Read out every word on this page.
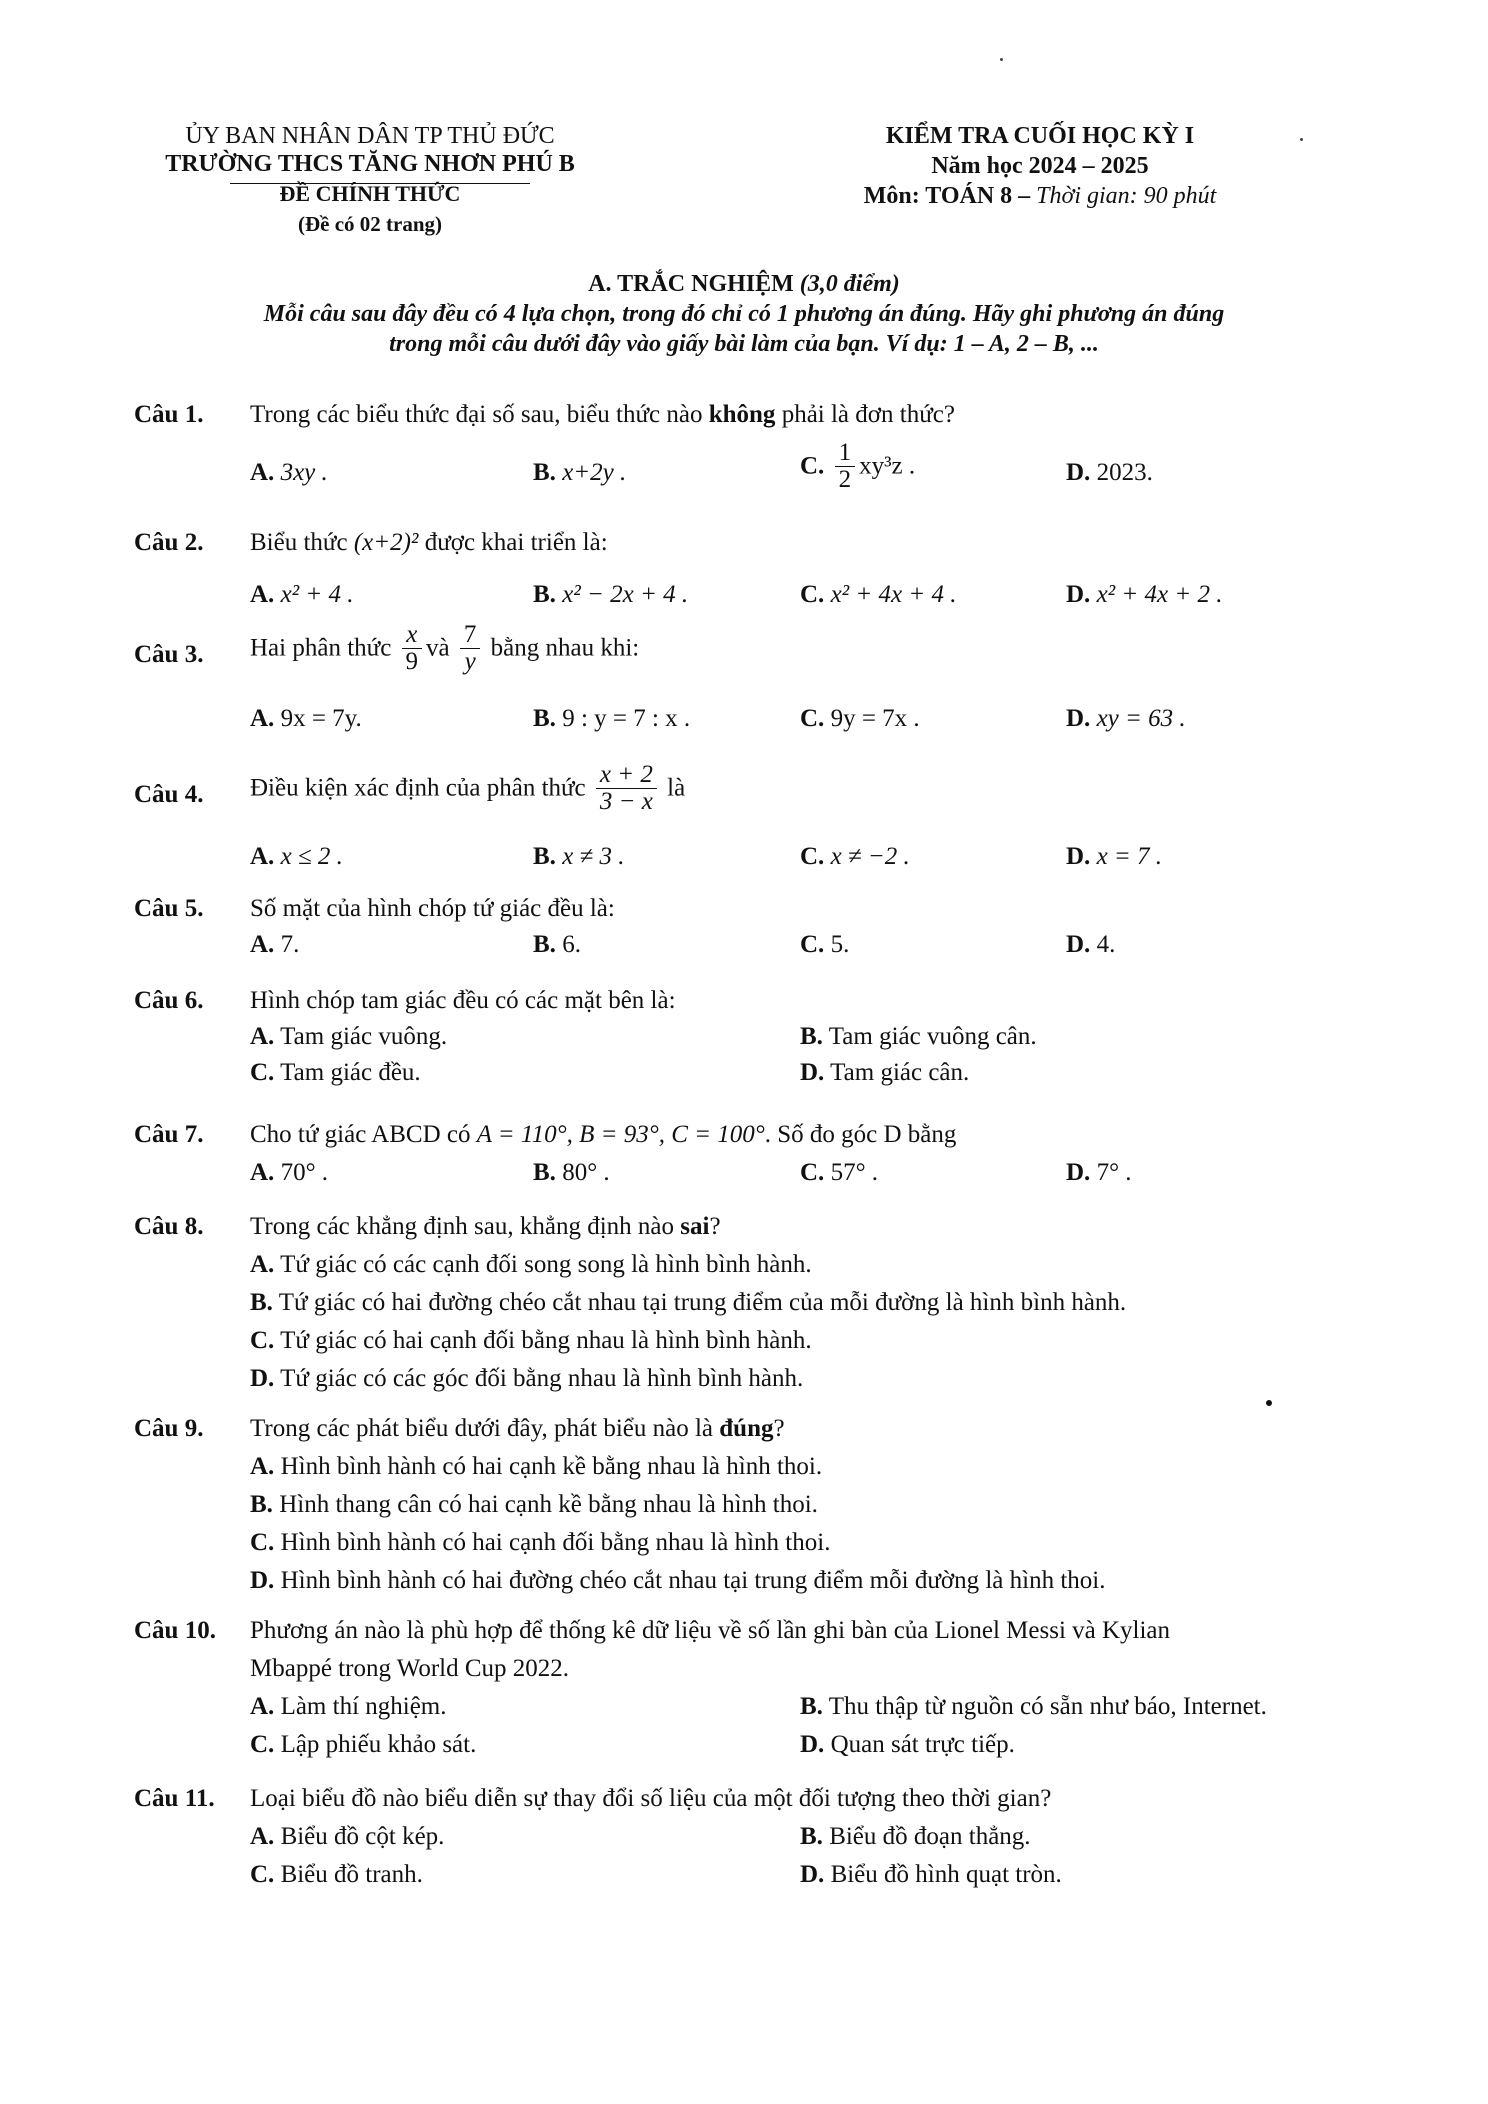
ỦY BAN NHÂN DÂN TP THỦ ĐỨC
TRƯỜNG THCS TĂNG NHƠN PHÚ B
ĐỀ CHÍNH THỨC
(Đề có 02 trang)
KIỂM TRA CUỐI HỌC KỲ I
Năm học 2024 – 2025
Môn: TOÁN 8 – Thời gian: 90 phút
A. TRẮC NGHIỆM (3,0 điểm)
Mỗi câu sau đây đều có 4 lựa chọn, trong đó chỉ có 1 phương án đúng. Hãy ghi phương án đúng
trong mỗi câu dưới đây vào giấy bài làm của bạn. Ví dụ: 1 – A, 2 – B, ...
Câu 1. Trong các biểu thức đại số sau, biểu thức nào không phải là đơn thức?
A. 3xy .	B. x+2y .	C. $\frac{1}{2} xy^3z$ .	D. 2023.
Câu 2. Biểu thức (x+2)² được khai triển là:
A. x² + 4 .	B. x² − 2x + 4 .	C. x² + 4x + 4 .	D. x² + 4x + 2 .
Câu 3. Hai phân thức $\frac{x}{9}$ và $\frac{7}{y}$ bằng nhau khi:
A. 9x = 7y.	B. 9 : y = 7 : x .	C. 9y = 7x .	D. xy = 63 .
Câu 4. Điều kiện xác định của phân thức $\frac{x + 2}{3 - x}$ là
A. x ≤ 2 .	B. x ≠ 3 .	C. x ≠ −2 .	D. x = 7 .
Câu 5. Số mặt của hình chóp tứ giác đều là:
A. 7.	B. 6.	C. 5.	D. 4.
Câu 6. Hình chóp tam giác đều có các mặt bên là:
A. Tam giác vuông.	B. Tam giác vuông cân.
C. Tam giác đều.	D. Tam giác cân.
Câu 7. Cho tứ giác ABCD có A = 110°, B = 93°, C = 100°. Số đo góc D bằng
A. 70° .	B. 80° .	C. 57° .	D. 7° .
Câu 8. Trong các khẳng định sau, khẳng định nào sai?
A. Tứ giác có các cạnh đối song song là hình bình hành.
B. Tứ giác có hai đường chéo cắt nhau tại trung điểm của mỗi đường là hình bình hành.
C. Tứ giác có hai cạnh đối bằng nhau là hình bình hành.
D. Tứ giác có các góc đối bằng nhau là hình bình hành.
Câu 9. Trong các phát biểu dưới đây, phát biểu nào là đúng?
A. Hình bình hành có hai cạnh kề bằng nhau là hình thoi.
B. Hình thang cân có hai cạnh kề bằng nhau là hình thoi.
C. Hình bình hành có hai cạnh đối bằng nhau là hình thoi.
D. Hình bình hành có hai đường chéo cắt nhau tại trung điểm mỗi đường là hình thoi.
Câu 10. Phương án nào là phù hợp để thống kê dữ liệu về số lần ghi bàn của Lionel Messi và Kylian
Mbappé trong World Cup 2022.
A. Làm thí nghiệm.	B. Thu thập từ nguồn có sẵn như báo, Internet.
C. Lập phiếu khảo sát.	D. Quan sát trực tiếp.
Câu 11. Loại biểu đồ nào biểu diễn sự thay đổi số liệu của một đối tượng theo thời gian?
A. Biểu đồ cột kép.	B. Biểu đồ đoạn thẳng.
C. Biểu đồ tranh.	D. Biểu đồ hình quạt tròn.
